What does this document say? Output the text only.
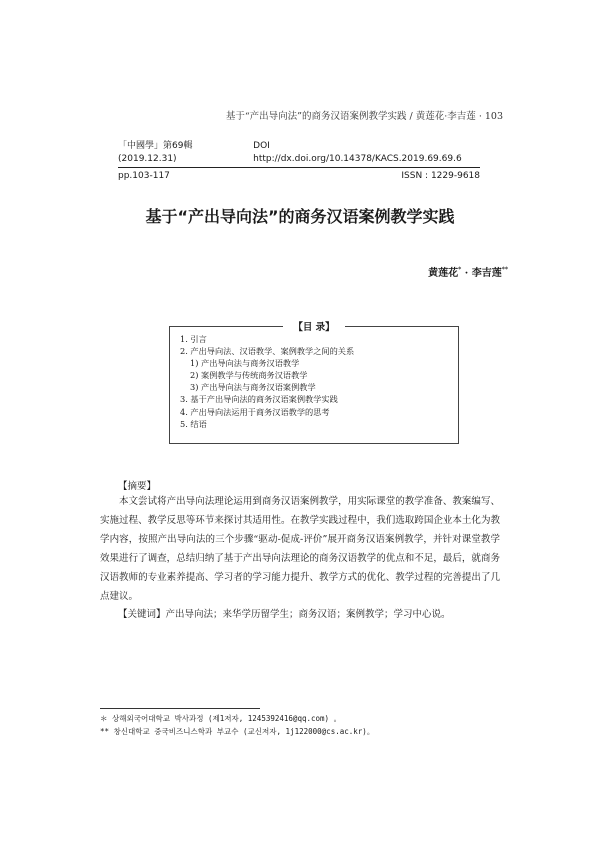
基于“产出导向法”的商务汉语案例教学实践 / 黄莲花·李吉莲 · 103
「中國學」第69輯 (2019.12.31)
DOI http://dx.doi.org/10.14378/KACS.2019.69.69.6
pp.103-117	ISSN : 1229-9618
基于“产出导向法”的商务汉语案例教学实践
黄莲花* · 李吉莲**
【目 录】
1. 引言
2. 产出导向法、汉语教学、案例教学之间的关系
1) 产出导向法与商务汉语教学
2) 案例教学与传统商务汉语教学
3) 产出导向法与商务汉语案例教学
3. 基于产出导向法的商务汉语案例教学实践
4. 产出导向法运用于商务汉语教学的思考
5. 结语
【摘要】

本文尝试将产出导向法理论运用到商务汉语案例教学，用实际课堂的教学准备、教案编写、实施过程、教学反思等环节来探讨其适用性。在教学实践过程中，我们选取跨国企业本土化为教学内容，按照产出导向法的三个步骤“驱动-促成-评价”展开商务汉语案例教学，并针对课堂教学效果进行了调查，总结归纳了基于产出导向法理论的商务汉语教学的优点和不足，最后，就商务汉语教师的专业素养提高、学习者的学习能力提升、教学方式的优化、教学过程的完善提出了几点建议。

【关键词】产出导向法；来华学历留学生；商务汉语；案例教学；学习中心说。
＊ 상해외국어대학교 박사과정 (제1저자, 1245392416@qq.com) 。
** 창신대학교 중국비즈니스학과 부교수 (교신저자, 1j122000@cs.ac.kr)。
